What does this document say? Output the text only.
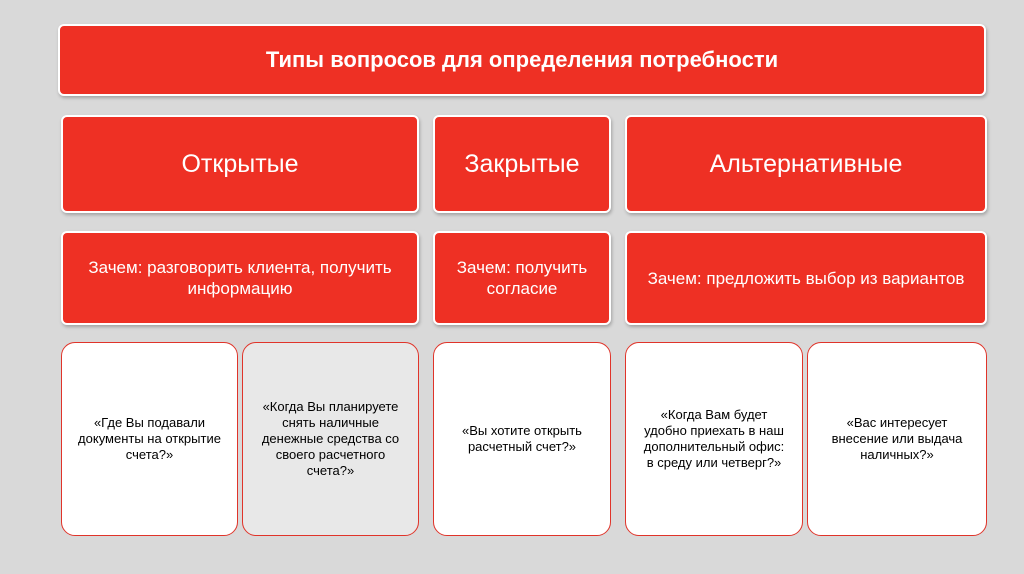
Типы вопросов для определения потребности
Открытые	Закрытые	Альтернативные
Зачем: разговорить клиента, получить информацию
Зачем: получить согласие
Зачем: предложить выбор из вариантов
«Где Вы подавали документы на открытие счета?»
«Когда Вы планируете снять наличные денежные средства со своего расчетного счета?»
«Вы хотите открыть расчетный счет?»
«Когда Вам будет удобно приехать в наш дополнительный офис: в среду или четверг?»
«Вас интересует внесение или выдача наличных?»
